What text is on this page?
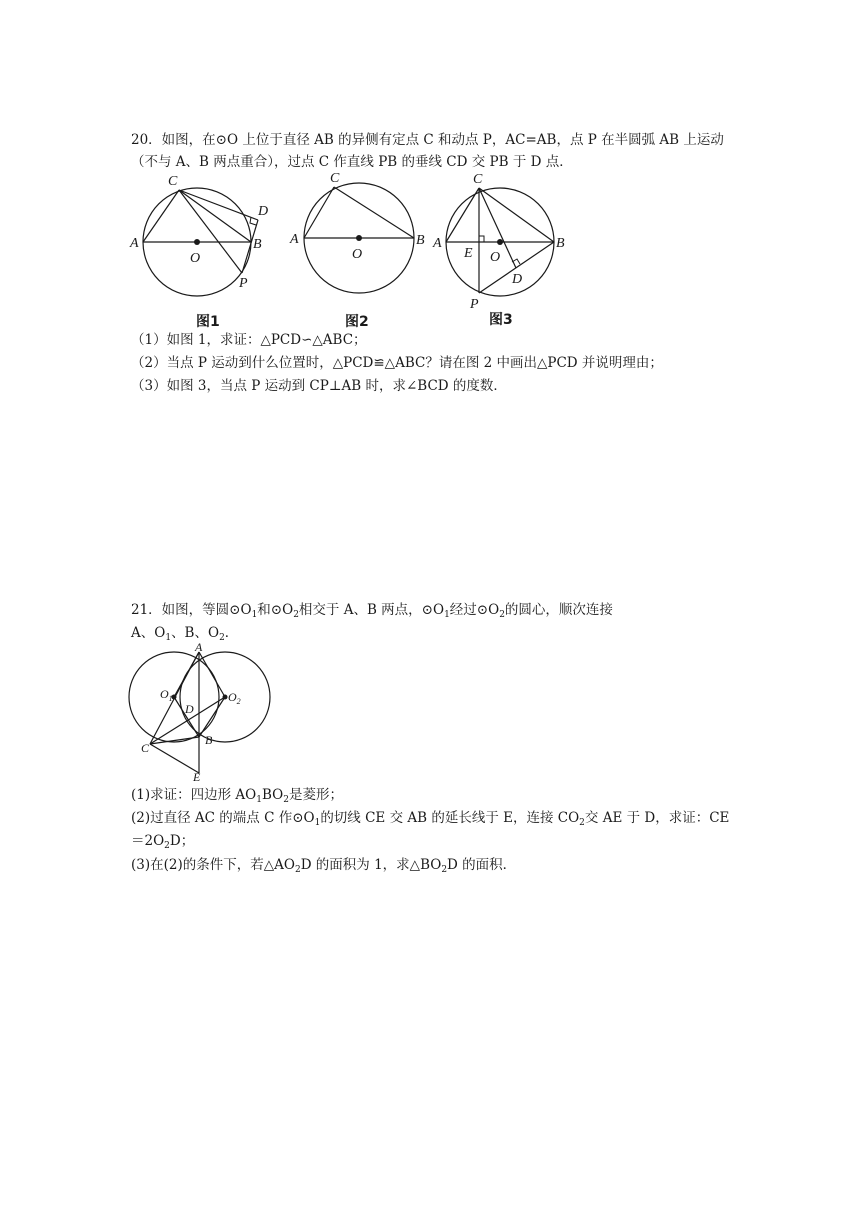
20．如图，在⊙O 上位于直径 AB 的异侧有定点 C 和动点 P，AC=AB，点 P 在半圆弧 AB 上运动
（不与 A、B 两点重合），过点 C 作直线 PB 的垂线 CD 交 PB 于 D 点．
C
D
A	B
O
P
图1
C
A	B
O
图2
C
A	B
E O
D
P
图3
（1）如图 1，求证：△PCD∽△ABC；
（2）当点 P 运动到什么位置时，△PCD≌△ABC？请在图 2 中画出△PCD 并说明理由；
（3）如图 3，当点 P 运动到 CP⊥AB 时，求∠BCD 的度数．
21．如图，等圆$⊙O_1$和$⊙O_2$相交于 A、B 两点，$⊙O_1$经过$⊙O_2$的圆心，顺次连接
A、$O_1$、B、$O_2$．
A
$O_1$	$O_2$
D
B
C
E
(1)求证：四边形 $AO_1BO_2$是菱形；
(2)过直径 AC 的端点 C 作$⊙O_1$的切线 CE 交 AB 的延长线于 E，连接 $CO_2$交 AE 于 D，求证：CE
$=2O_2D$；
(3)在(2)的条件下，若$\triangle AO_2D$ 的面积为 1，求$\triangle BO_2D$ 的面积．
